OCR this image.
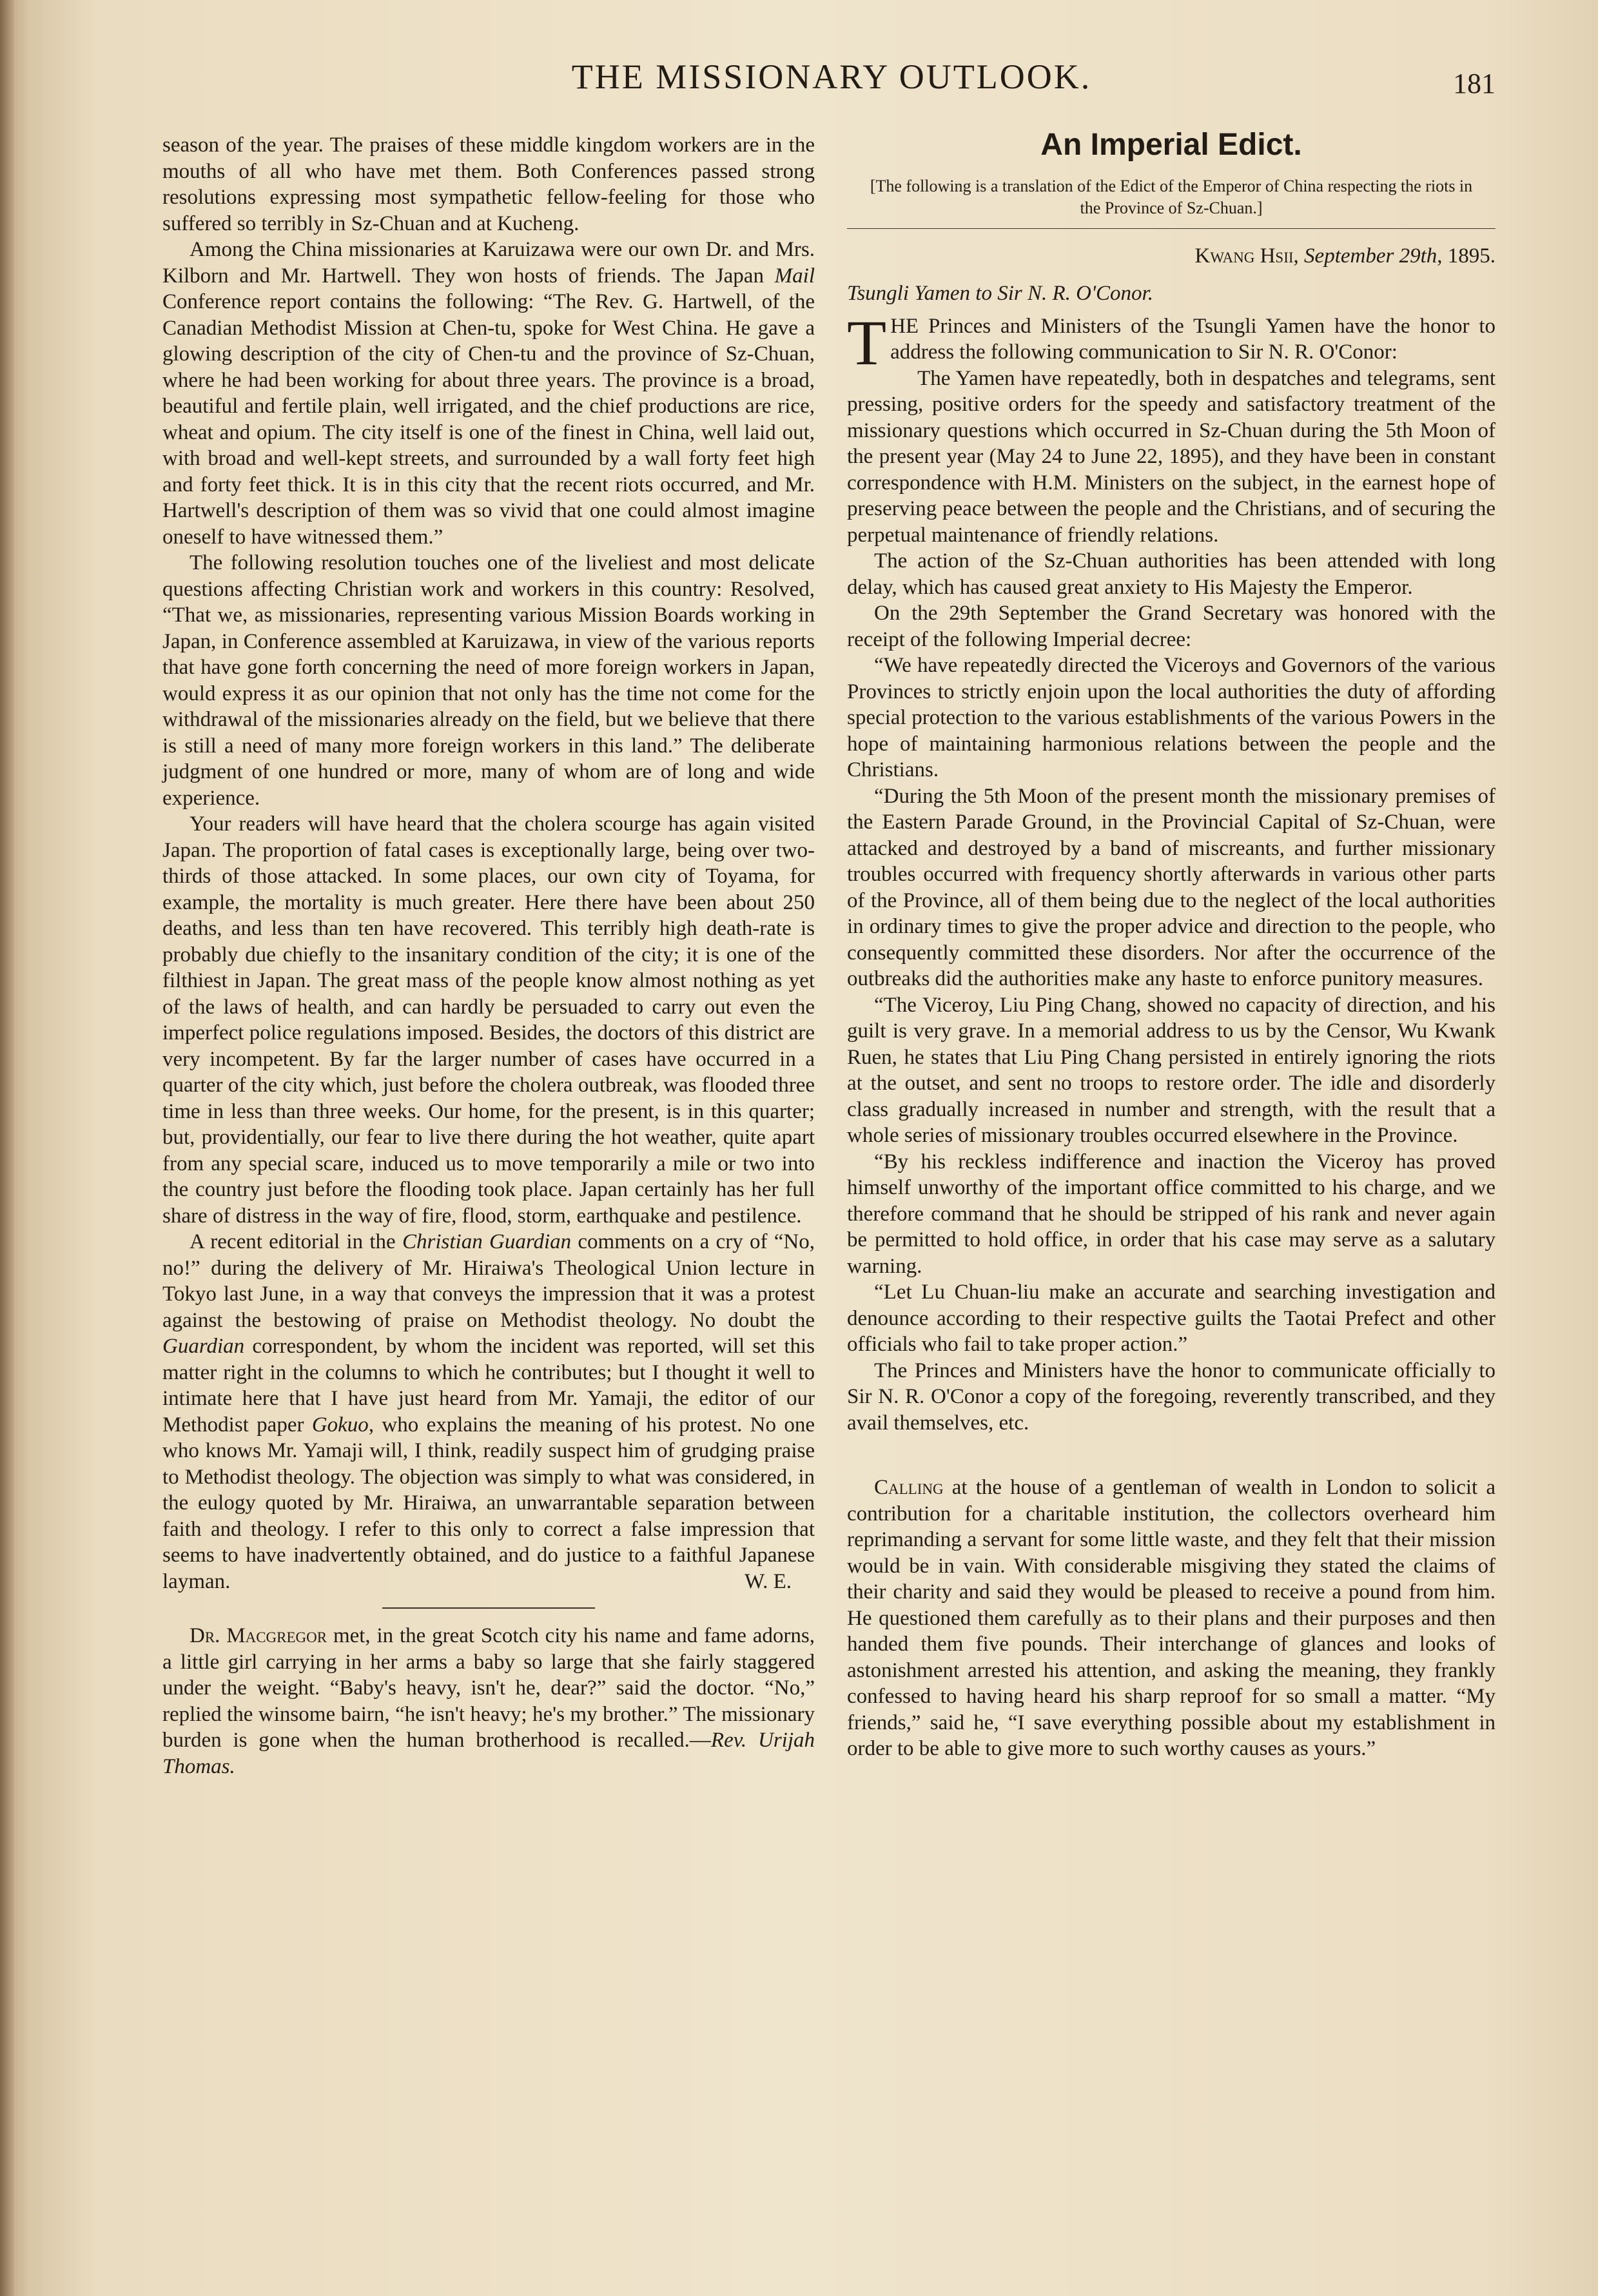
THE MISSIONARY OUTLOOK.	181

season of the year. The praises of these middle kingdom workers are in the mouths of all who have met them. Both Conferences passed strong resolutions expressing most sympathetic fellow-feeling for those who suffered so terribly in Sz-Chuan and at Kucheng.

Among the China missionaries at Karuizawa were our own Dr. and Mrs. Kilborn and Mr. Hartwell. They won hosts of friends. The Japan Mail Conference report contains the following: “The Rev. G. Hartwell, of the Canadian Methodist Mission at Chen-tu, spoke for West China. He gave a glowing description of the city of Chen-tu and the province of Sz-Chuan, where he had been working for about three years. The province is a broad, beautiful and fertile plain, well irrigated, and the chief productions are rice, wheat and opium. The city itself is one of the finest in China, well laid out, with broad and well-kept streets, and surrounded by a wall forty feet high and forty feet thick. It is in this city that the recent riots occurred, and Mr. Hartwell's description of them was so vivid that one could almost imagine oneself to have witnessed them.”

The following resolution touches one of the liveliest and most delicate questions affecting Christian work and workers in this country: Resolved, “That we, as missionaries, representing various Mission Boards working in Japan, in Conference assembled at Karuizawa, in view of the various reports that have gone forth concerning the need of more foreign workers in Japan, would express it as our opinion that not only has the time not come for the withdrawal of the missionaries already on the field, but we believe that there is still a need of many more foreign workers in this land.” The deliberate judgment of one hundred or more, many of whom are of long and wide experience.

Your readers will have heard that the cholera scourge has again visited Japan. The proportion of fatal cases is exceptionally large, being over two-thirds of those attacked. In some places, our own city of Toyama, for example, the mortality is much greater. Here there have been about 250 deaths, and less than ten have recovered. This terribly high death-rate is probably due chiefly to the insanitary condition of the city; it is one of the filthiest in Japan. The great mass of the people know almost nothing as yet of the laws of health, and can hardly be persuaded to carry out even the imperfect police regulations imposed. Besides, the doctors of this district are very incompetent. By far the larger number of cases have occurred in a quarter of the city which, just before the cholera outbreak, was flooded three time in less than three weeks. Our home, for the present, is in this quarter; but, providentially, our fear to live there during the hot weather, quite apart from any special scare, induced us to move temporarily a mile or two into the country just before the flooding took place. Japan certainly has her full share of distress in the way of fire, flood, storm, earthquake and pestilence.

A recent editorial in the Christian Guardian comments on a cry of “No, no!” during the delivery of Mr. Hiraiwa's Theological Union lecture in Tokyo last June, in a way that conveys the impression that it was a protest against the bestowing of praise on Methodist theology. No doubt the Guardian correspondent, by whom the incident was reported, will set this matter right in the columns to which he contributes; but I thought it well to intimate here that I have just heard from Mr. Yamaji, the editor of our Methodist paper Gokuo, who explains the meaning of his protest. No one who knows Mr. Yamaji will, I think, readily suspect him of grudging praise to Methodist theology. The objection was simply to what was considered, in the eulogy quoted by Mr. Hiraiwa, an unwarrantable separation between faith and theology. I refer to this only to correct a false impression that seems to have inadvertently obtained, and do justice to a faithful Japanese layman.	W. E.

Dr. Macgregor met, in the great Scotch city his name and fame adorns, a little girl carrying in her arms a baby so large that she fairly staggered under the weight. “Baby's heavy, isn't he, dear?” said the doctor. “No,” replied the winsome bairn, “he isn't heavy; he's my brother.” The missionary burden is gone when the human brotherhood is recalled.—Rev. Urijah Thomas.

An Imperial Edict.
[The following is a translation of the Edict of the Emperor of China respecting the riots in the Province of Sz-Chuan.]

Kwang Hsii, September 29th, 1895.

Tsungli Yamen to Sir N. R. O'Conor.

THE Princes and Ministers of the Tsungli Yamen have the honor to address the following communication to Sir N. R. O'Conor:

The Yamen have repeatedly, both in despatches and telegrams, sent pressing, positive orders for the speedy and satisfactory treatment of the missionary questions which occurred in Sz-Chuan during the 5th Moon of the present year (May 24 to June 22, 1895), and they have been in constant correspondence with H.M. Ministers on the subject, in the earnest hope of preserving peace between the people and the Christians, and of securing the perpetual maintenance of friendly relations.

The action of the Sz-Chuan authorities has been attended with long delay, which has caused great anxiety to His Majesty the Emperor.

On the 29th September the Grand Secretary was honored with the receipt of the following Imperial decree:

“We have repeatedly directed the Viceroys and Governors of the various Provinces to strictly enjoin upon the local authorities the duty of affording special protection to the various establishments of the various Powers in the hope of maintaining harmonious relations between the people and the Christians.

“During the 5th Moon of the present month the missionary premises of the Eastern Parade Ground, in the Provincial Capital of Sz-Chuan, were attacked and destroyed by a band of miscreants, and further missionary troubles occurred with frequency shortly afterwards in various other parts of the Province, all of them being due to the neglect of the local authorities in ordinary times to give the proper advice and direction to the people, who consequently committed these disorders. Nor after the occurrence of the outbreaks did the authorities make any haste to enforce punitory measures.

“The Viceroy, Liu Ping Chang, showed no capacity of direction, and his guilt is very grave. In a memorial address to us by the Censor, Wu Kwank Ruen, he states that Liu Ping Chang persisted in entirely ignoring the riots at the outset, and sent no troops to restore order. The idle and disorderly class gradually increased in number and strength, with the result that a whole series of missionary troubles occurred elsewhere in the Province.

“By his reckless indifference and inaction the Viceroy has proved himself unworthy of the important office committed to his charge, and we therefore command that he should be stripped of his rank and never again be permitted to hold office, in order that his case may serve as a salutary warning.

“Let Lu Chuan-liu make an accurate and searching investigation and denounce according to their respective guilts the Taotai Prefect and other officials who fail to take proper action.”

The Princes and Ministers have the honor to communicate officially to Sir N. R. O'Conor a copy of the foregoing, reverently transcribed, and they avail themselves, etc.

Calling at the house of a gentleman of wealth in London to solicit a contribution for a charitable institution, the collectors overheard him reprimanding a servant for some little waste, and they felt that their mission would be in vain. With considerable misgiving they stated the claims of their charity and said they would be pleased to receive a pound from him. He questioned them carefully as to their plans and their purposes and then handed them five pounds. Their interchange of glances and looks of astonishment arrested his attention, and asking the meaning, they frankly confessed to having heard his sharp reproof for so small a matter. “My friends,” said he, “I save everything possible about my establishment in order to be able to give more to such worthy causes as yours.”
